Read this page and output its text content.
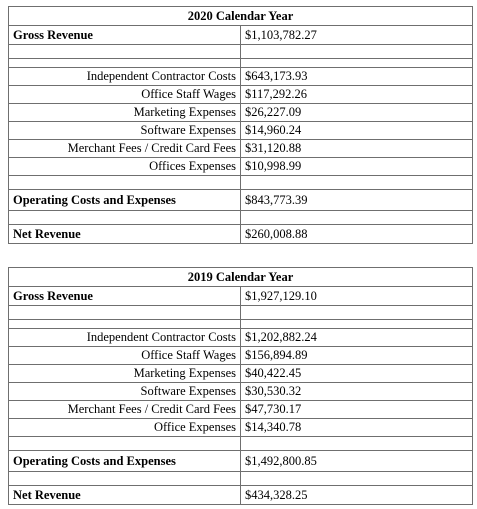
2020 Calendar Year	
Gross Revenue	$1,103,782.27

Independent Contractor Costs	$643,173.93
Office Staff Wages	$117,292.26
Marketing Expenses	$26,227.09
Software Expenses	$14,960.24
Merchant Fees / Credit Card Fees	$31,120.88
Offices Expenses	$10,998.99

Operating Costs and Expenses	$843,773.39

Net Revenue	$260,008.88
2019 Calendar Year	
Gross Revenue	$1,927,129.10

Independent Contractor Costs	$1,202,882.24
Office Staff Wages	$156,894.89
Marketing Expenses	$40,422.45
Software Expenses	$30,530.32
Merchant Fees / Credit Card Fees	$47,730.17
Office Expenses	$14,340.78

Operating Costs and Expenses	$1,492,800.85

Net Revenue	$434,328.25
